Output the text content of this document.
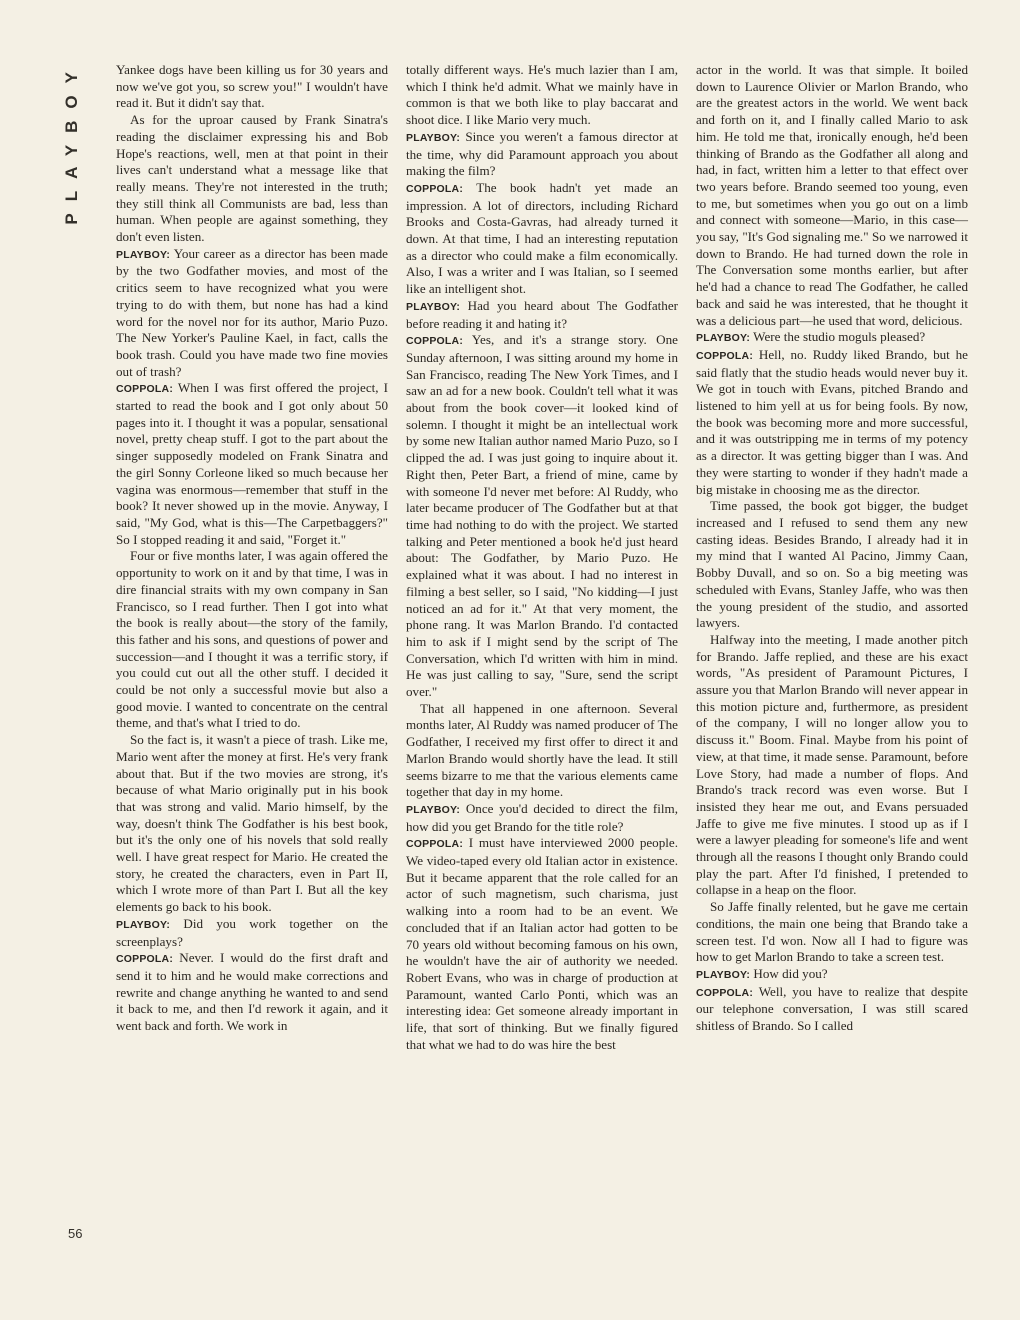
PLAYBOY
56

Yankee dogs have been killing us for 30 years and now we've got you, so screw you!" I wouldn't have read it. But it didn't say that.

As for the uproar caused by Frank Sinatra's reading the disclaimer expressing his and Bob Hope's reactions, well, men at that point in their lives can't understand what a message like that really means. They're not interested in the truth; they still think all Communists are bad, less than human. When people are against something, they don't even listen.

PLAYBOY: Your career as a director has been made by the two Godfather movies, and most of the critics seem to have recognized what you were trying to do with them, but none has had a kind word for the novel nor for its author, Mario Puzo. The New Yorker's Pauline Kael, in fact, calls the book trash. Could you have made two fine movies out of trash?

COPPOLA: When I was first offered the project, I started to read the book and I got only about 50 pages into it. I thought it was a popular, sensational novel, pretty cheap stuff. I got to the part about the singer supposedly modeled on Frank Sinatra and the girl Sonny Corleone liked so much because her vagina was enormous—remember that stuff in the book? It never showed up in the movie. Anyway, I said, "My God, what is this—The Carpetbaggers?" So I stopped reading it and said, "Forget it."

Four or five months later, I was again offered the opportunity to work on it and by that time, I was in dire financial straits with my own company in San Francisco, so I read further. Then I got into what the book is really about—the story of the family, this father and his sons, and questions of power and succession—and I thought it was a terrific story, if you could cut out all the other stuff. I decided it could be not only a successful movie but also a good movie. I wanted to concentrate on the central theme, and that's what I tried to do.

So the fact is, it wasn't a piece of trash. Like me, Mario went after the money at first. He's very frank about that. But if the two movies are strong, it's because of what Mario originally put in his book that was strong and valid. Mario himself, by the way, doesn't think The Godfather is his best book, but it's the only one of his novels that sold really well. I have great respect for Mario. He created the story, he created the characters, even in Part II, which I wrote more of than Part I. But all the key elements go back to his book.

PLAYBOY: Did you work together on the screenplays?

COPPOLA: Never. I would do the first draft and send it to him and he would make corrections and rewrite and change anything he wanted to and send it back to me, and then I'd rework it again, and it went back and forth. We work in

totally different ways. He's much lazier than I am, which I think he'd admit. What we mainly have in common is that we both like to play baccarat and shoot dice. I like Mario very much.

PLAYBOY: Since you weren't a famous director at the time, why did Paramount approach you about making the film?

COPPOLA: The book hadn't yet made an impression. A lot of directors, including Richard Brooks and Costa-Gavras, had already turned it down. At that time, I had an interesting reputation as a director who could make a film economically. Also, I was a writer and I was Italian, so I seemed like an intelligent shot.

PLAYBOY: Had you heard about The Godfather before reading it and hating it?

COPPOLA: Yes, and it's a strange story. One Sunday afternoon, I was sitting around my home in San Francisco, reading The New York Times, and I saw an ad for a new book. Couldn't tell what it was about from the book cover—it looked kind of solemn. I thought it might be an intellectual work by some new Italian author named Mario Puzo, so I clipped the ad. I was just going to inquire about it. Right then, Peter Bart, a friend of mine, came by with someone I'd never met before: Al Ruddy, who later became producer of The Godfather but at that time had nothing to do with the project. We started talking and Peter mentioned a book he'd just heard about: The Godfather, by Mario Puzo. He explained what it was about. I had no interest in filming a best seller, so I said, "No kidding—I just noticed an ad for it." At that very moment, the phone rang. It was Marlon Brando. I'd contacted him to ask if I might send by the script of The Conversation, which I'd written with him in mind. He was just calling to say, "Sure, send the script over."

That all happened in one afternoon. Several months later, Al Ruddy was named producer of The Godfather, I received my first offer to direct it and Marlon Brando would shortly have the lead. It still seems bizarre to me that the various elements came together that day in my home.

PLAYBOY: Once you'd decided to direct the film, how did you get Brando for the title role?

COPPOLA: I must have interviewed 2000 people. We video-taped every old Italian actor in existence. But it became apparent that the role called for an actor of such magnetism, such charisma, just walking into a room had to be an event. We concluded that if an Italian actor had gotten to be 70 years old without becoming famous on his own, he wouldn't have the air of authority we needed. Robert Evans, who was in charge of production at Paramount, wanted Carlo Ponti, which was an interesting idea: Get someone already important in life, that sort of thinking. But we finally figured that what we had to do was hire the best

actor in the world. It was that simple. It boiled down to Laurence Olivier or Marlon Brando, who are the greatest actors in the world. We went back and forth on it, and I finally called Mario to ask him. He told me that, ironically enough, he'd been thinking of Brando as the Godfather all along and had, in fact, written him a letter to that effect over two years before. Brando seemed too young, even to me, but sometimes when you go out on a limb and connect with someone—Mario, in this case—you say, "It's God signaling me." So we narrowed it down to Brando. He had turned down the role in The Conversation some months earlier, but after he'd had a chance to read The Godfather, he called back and said he was interested, that he thought it was a delicious part—he used that word, delicious.

PLAYBOY: Were the studio moguls pleased?

COPPOLA: Hell, no. Ruddy liked Brando, but he said flatly that the studio heads would never buy it. We got in touch with Evans, pitched Brando and listened to him yell at us for being fools. By now, the book was becoming more and more successful, and it was outstripping me in terms of my potency as a director. It was getting bigger than I was. And they were starting to wonder if they hadn't made a big mistake in choosing me as the director.

Time passed, the book got bigger, the budget increased and I refused to send them any new casting ideas. Besides Brando, I already had it in my mind that I wanted Al Pacino, Jimmy Caan, Bobby Duvall, and so on. So a big meeting was scheduled with Evans, Stanley Jaffe, who was then the young president of the studio, and assorted lawyers.

Halfway into the meeting, I made another pitch for Brando. Jaffe replied, and these are his exact words, "As president of Paramount Pictures, I assure you that Marlon Brando will never appear in this motion picture and, furthermore, as president of the company, I will no longer allow you to discuss it." Boom. Final. Maybe from his point of view, at that time, it made sense. Paramount, before Love Story, had made a number of flops. And Brando's track record was even worse. But I insisted they hear me out, and Evans persuaded Jaffe to give me five minutes. I stood up as if I were a lawyer pleading for someone's life and went through all the reasons I thought only Brando could play the part. After I'd finished, I pretended to collapse in a heap on the floor.

So Jaffe finally relented, but he gave me certain conditions, the main one being that Brando take a screen test. I'd won. Now all I had to figure was how to get Marlon Brando to take a screen test.

PLAYBOY: How did you?

COPPOLA: Well, you have to realize that despite our telephone conversation, I was still scared shitless of Brando. So I called
